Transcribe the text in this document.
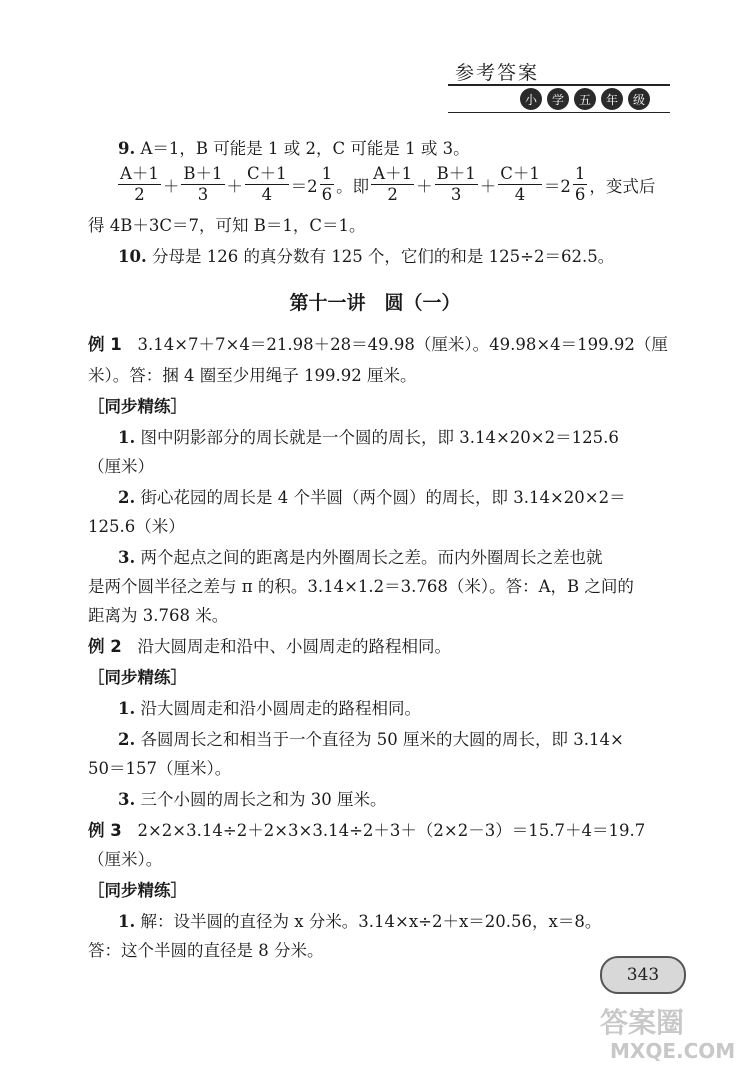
参考答案
小	学	五	年	级
9. A＝1，B 可能是 1 或 2，C 可能是 1 或 3。
$\frac{A+1}{2} + \frac{B+1}{3} + \frac{C+1}{4} =2 \frac{1}{6}$ 。即 $\frac{A+1}{2} + \frac{B+1}{3} + \frac{C+1}{4} =2 \frac{1}{6}$ ，变式后
得 4B＋3C＝7，可知 B＝1，C＝1。
10. 分母是 126 的真分数有 125 个，它们的和是 125÷2＝62.5。
第十一讲　圆（一）
例 1 3.14×7＋7×4＝21.98＋28＝49.98（厘米）。49.98×4＝199.92（厘
米）。答：捆 4 圈至少用绳子 199.92 厘米。
［同步精练］
1. 图中阴影部分的周长就是一个圆的周长，即 3.14×20×2＝125.6
（厘米）
2. 街心花园的周长是 4 个半圆（两个圆）的周长，即 3.14×20×2＝
125.6（米）
3. 两个起点之间的距离是内外圈周长之差。而内外圈周长之差也就
是两个圆半径之差与 π 的积。3.14×1.2＝3.768（米）。答：A，B 之间的
距离为 3.768 米。
例 2 沿大圆周走和沿中、小圆周走的路程相同。
［同步精练］
1. 沿大圆周走和沿小圆周走的路程相同。
2. 各圆周长之和相当于一个直径为 50 厘米的大圆的周长，即 3.14×
50＝157（厘米）。
3. 三个小圆的周长之和为 30 厘米。
例 3 2×2×3.14÷2＋2×3×3.14÷2＋3＋（2×2－3）＝15.7＋4＝19.7
（厘米）。
［同步精练］
1. 解：设半圆的直径为 x 分米。3.14×x÷2＋x＝20.56，x＝8。
答：这个半圆的直径是 8 分米。
343
答案圈
MXQE.COM
